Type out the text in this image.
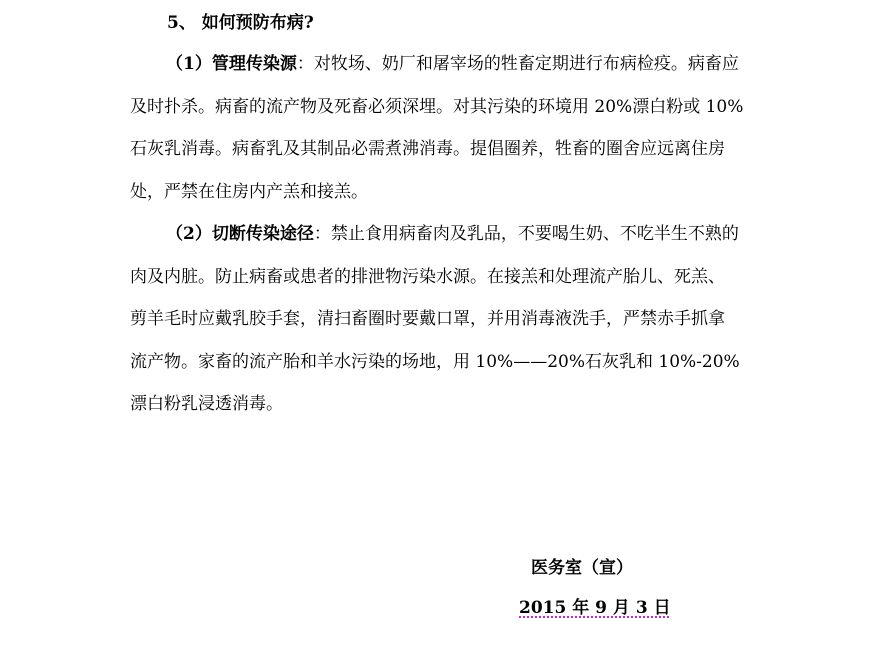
5、 如何预防布病?
（1）管理传染源：对牧场、奶厂和屠宰场的牲畜定期进行布病检疫。病畜应
及时扑杀。病畜的流产物及死畜必须深埋。对其污染的环境用 20%漂白粉或 10%
石灰乳消毒。病畜乳及其制品必需煮沸消毒。提倡圈养，牲畜的圈舍应远离住房
处，严禁在住房内产羔和接羔。
（2）切断传染途径：禁止食用病畜肉及乳品，不要喝生奶、不吃半生不熟的
肉及内脏。防止病畜或患者的排泄物污染水源。在接羔和处理流产胎儿、死羔、
剪羊毛时应戴乳胶手套，清扫畜圈时要戴口罩，并用消毒液洗手，严禁赤手抓拿
流产物。家畜的流产胎和羊水污染的场地，用 10%——20%石灰乳和 10%-20%
漂白粉乳浸透消毒。
医务室（宣）
2015 年 9 月 3 日
